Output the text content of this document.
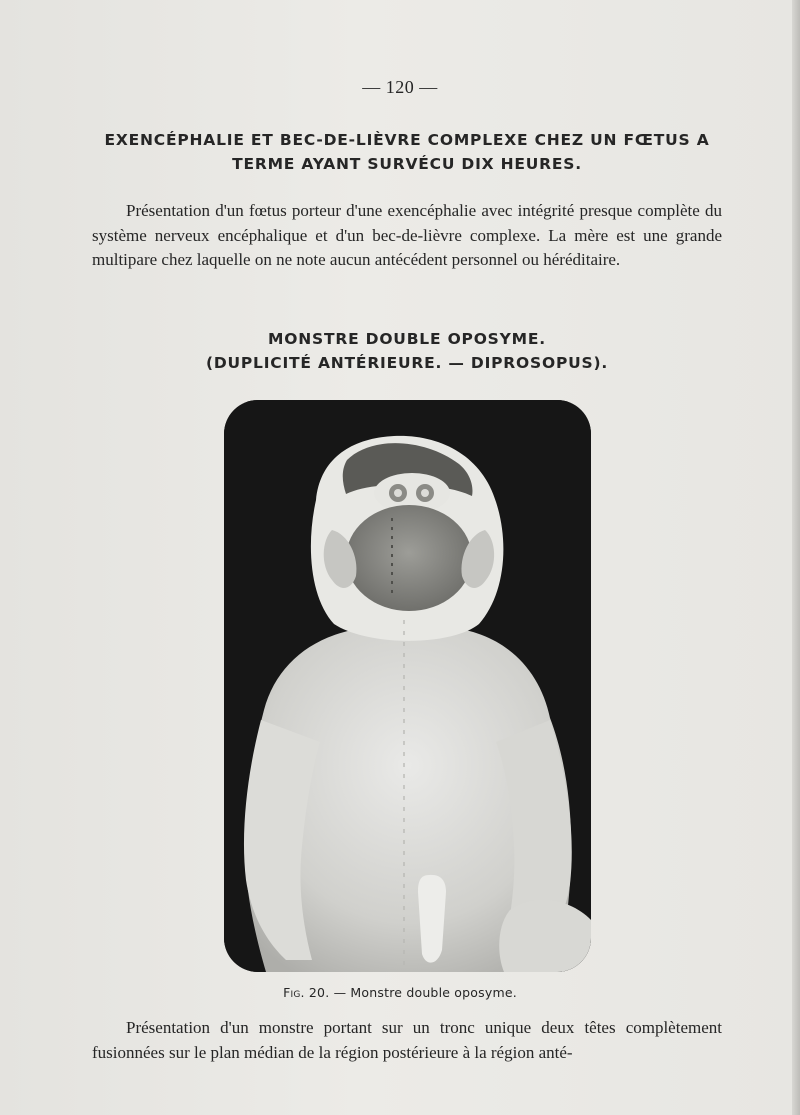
— 120 —
EXENCÉPHALIE ET BEC-DE-LIÈVRE COMPLEXE CHEZ UN FŒTUS A
TERME AYANT SURVÉCU DIX HEURES.
Présentation d'un fœtus porteur d'une exencéphalie avec intégrité presque complète du système nerveux encéphalique et d'un bec-de-lièvre complexe. La mère est une grande multipare chez laquelle on ne note aucun antécédent personnel ou héréditaire.
MONSTRE DOUBLE OPOSYME.
(DUPLICITÉ ANTÉRIEURE. — DIPROSOPUS).
Fig. 20. — Monstre double oposyme.
Présentation d'un monstre portant sur un tronc unique deux têtes complètement fusionnées sur le plan médian de la région postérieure à la région anté-
